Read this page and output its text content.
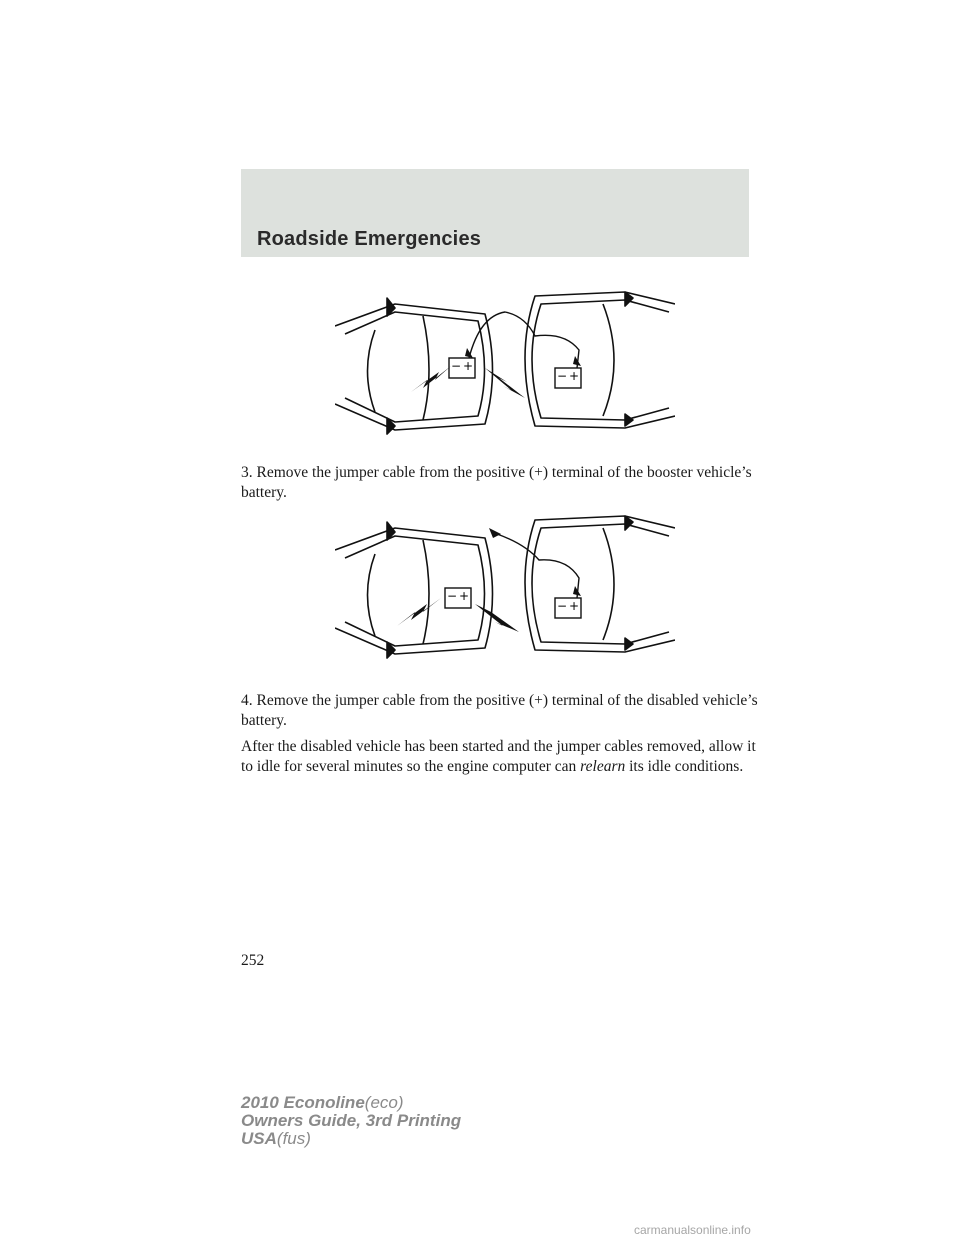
Roadside Emergencies
− +
− +

3. Remove the jumper cable from the positive (+) terminal of the booster vehicle’s battery.

− +
− +

4. Remove the jumper cable from the positive (+) terminal of the disabled vehicle’s battery.

After the disabled vehicle has been started and the jumper cables removed, allow it to idle for several minutes so the engine computer can relearn its idle conditions.

252
2010 Econoline(eco)
Owners Guide, 3rd Printing
USA(fus)
carmanualsonline.info
